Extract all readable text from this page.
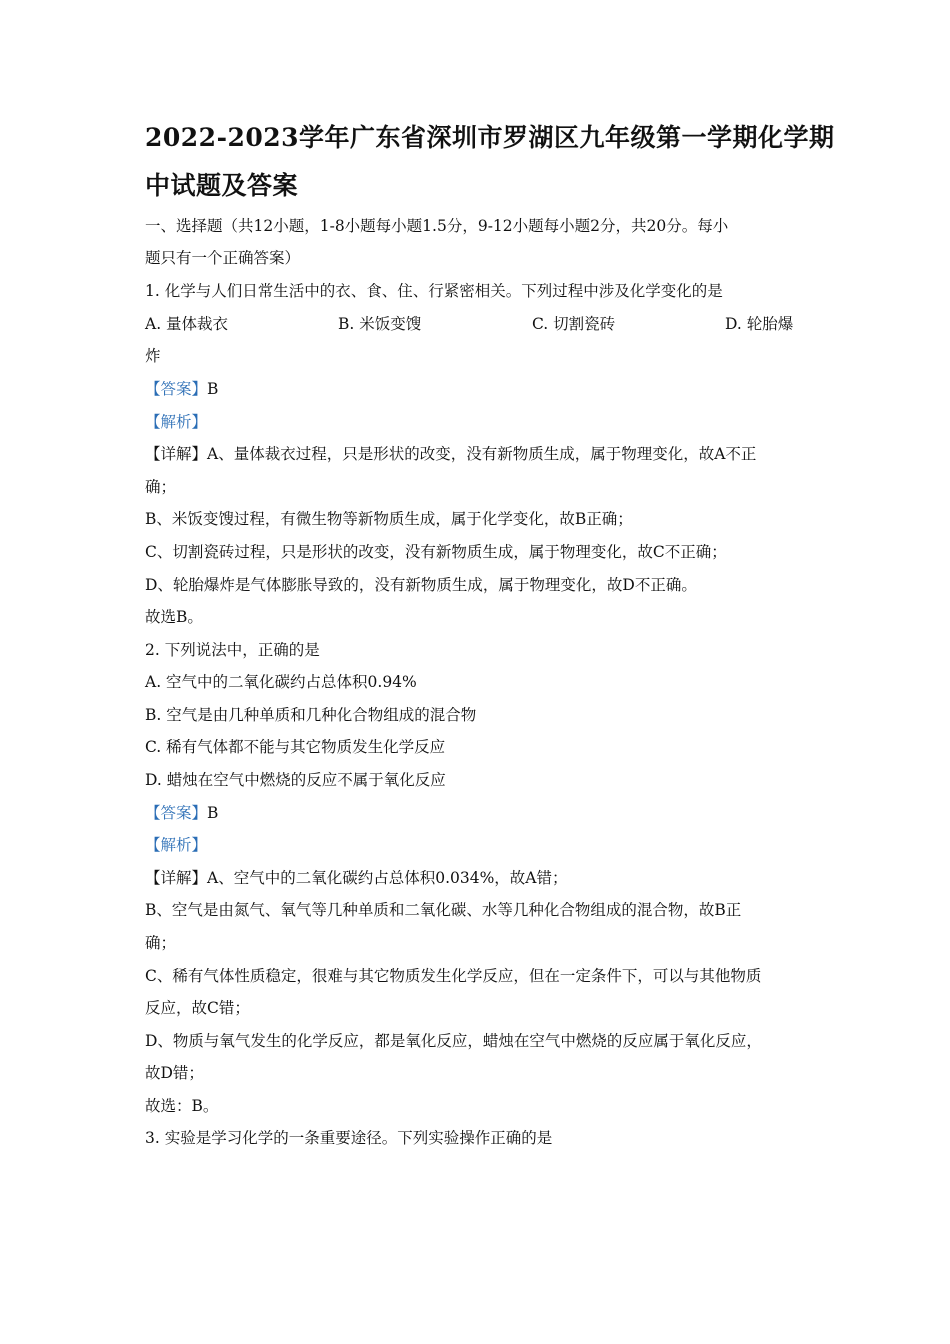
2022-2023学年广东省深圳市罗湖区九年级第一学期化学期
中试题及答案
一、选择题（共12小题，1-8小题每小题1.5分，9-12小题每小题2分，共20分。每小
题只有一个正确答案）
1. 化学与人们日常生活中的衣、食、住、行紧密相关。下列过程中涉及化学变化的是
A. 量体裁衣	B. 米饭变馊	C. 切割瓷砖	D. 轮胎爆
炸
【答案】B
【解析】
【详解】A、量体裁衣过程，只是形状的改变，没有新物质生成，属于物理变化，故A不正
确；
B、米饭变馊过程，有微生物等新物质生成，属于化学变化，故B正确；
C、切割瓷砖过程，只是形状的改变，没有新物质生成，属于物理变化，故C不正确；
D、轮胎爆炸是气体膨胀导致的，没有新物质生成，属于物理变化，故D不正确。
故选B。
2. 下列说法中，正确的是
A. 空气中的二氧化碳约占总体积0.94%
B. 空气是由几种单质和几种化合物组成的混合物
C. 稀有气体都不能与其它物质发生化学反应
D. 蜡烛在空气中燃烧的反应不属于氧化反应
【答案】B
【解析】
【详解】A、空气中的二氧化碳约占总体积0.034%，故A错；
B、空气是由氮气、氧气等几种单质和二氧化碳、水等几种化合物组成的混合物，故B正
确；
C、稀有气体性质稳定，很难与其它物质发生化学反应，但在一定条件下，可以与其他物质
反应，故C错；
D、物质与氧气发生的化学反应，都是氧化反应，蜡烛在空气中燃烧的反应属于氧化反应，
故D错；
故选：B。
3. 实验是学习化学的一条重要途径。下列实验操作正确的是
